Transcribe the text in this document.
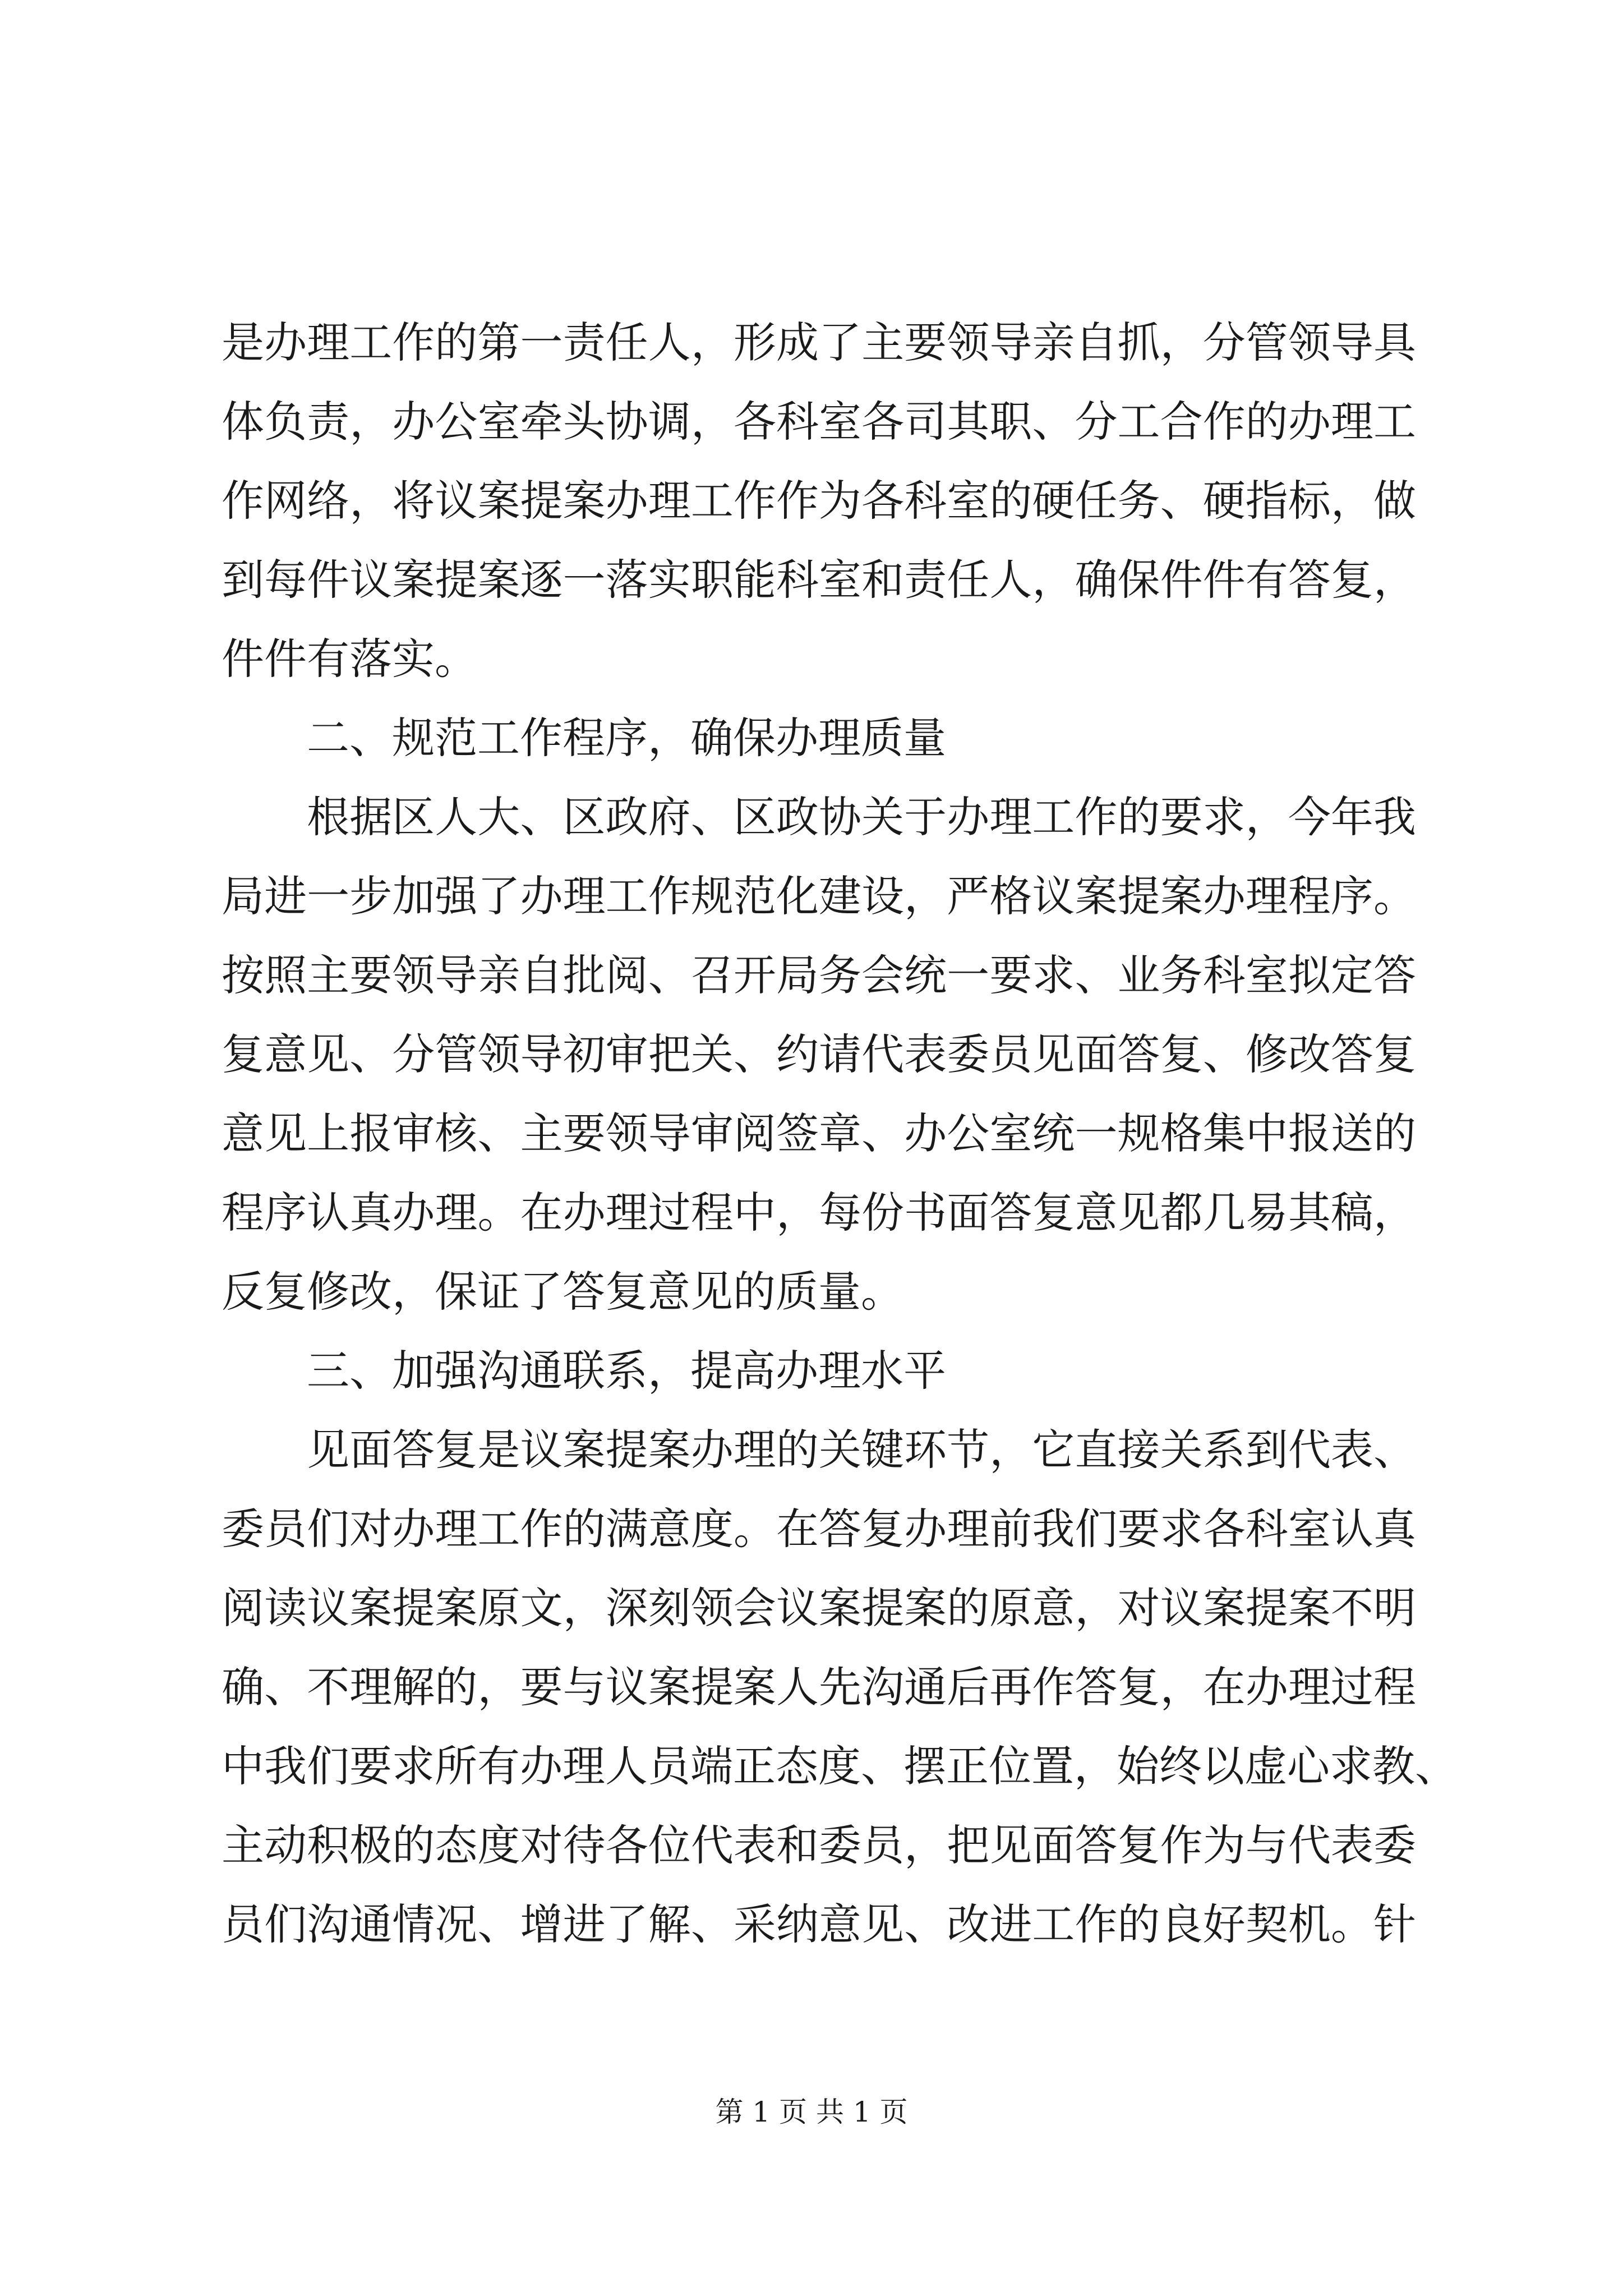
是办理工作的第一责任人，形成了主要领导亲自抓，分管领导具
体负责，办公室牵头协调，各科室各司其职、分工合作的办理工
作网络，将议案提案办理工作作为各科室的硬任务、硬指标，做
到每件议案提案逐一落实职能科室和责任人，确保件件有答复，
件件有落实。
二、规范工作程序，确保办理质量
根据区人大、区政府、区政协关于办理工作的要求，今年我
局进一步加强了办理工作规范化建设，严格议案提案办理程序。
按照主要领导亲自批阅、召开局务会统一要求、业务科室拟定答
复意见、分管领导初审把关、约请代表委员见面答复、修改答复
意见上报审核、主要领导审阅签章、办公室统一规格集中报送的
程序认真办理。在办理过程中，每份书面答复意见都几易其稿，
反复修改，保证了答复意见的质量。
三、加强沟通联系，提高办理水平
见面答复是议案提案办理的关键环节，它直接关系到代表、
委员们对办理工作的满意度。在答复办理前我们要求各科室认真
阅读议案提案原文，深刻领会议案提案的原意，对议案提案不明
确、不理解的，要与议案提案人先沟通后再作答复，在办理过程
中我们要求所有办理人员端正态度、摆正位置，始终以虚心求教、
主动积极的态度对待各位代表和委员，把见面答复作为与代表委
员们沟通情况、增进了解、采纳意见、改进工作的良好契机。针
第 1 页 共 1 页
